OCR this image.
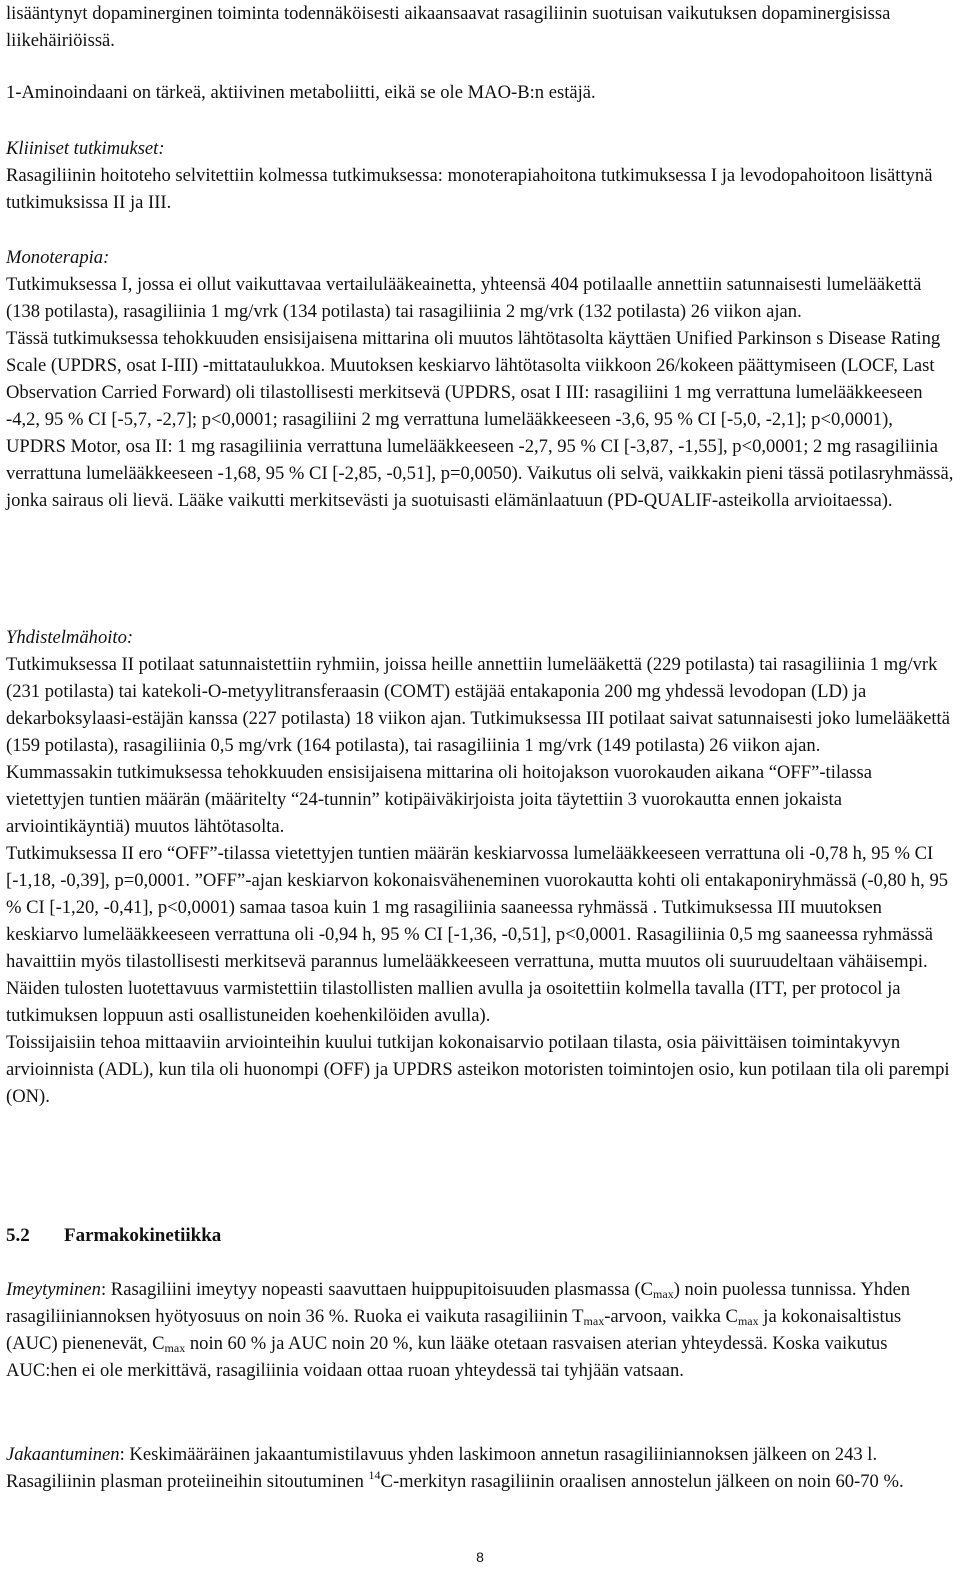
lisääntynyt dopaminerginen toiminta todennäköisesti aikaansaavat rasagiliinin suotuisan vaikutuksen dopaminergisissa liikehäiriöissä.

1-Aminoindaani on tärkeä, aktiivinen metaboliitti, eikä se ole MAO-B:n estäjä.

Kliiniset tutkimukset:

Rasagiliinin hoitoteho selvitettiin kolmessa tutkimuksessa: monoterapiahoitona tutkimuksessa I ja levodopahoitoon lisättynä tutkimuksissa II ja III.

Monoterapia:

Tutkimuksessa I, jossa ei ollut vaikuttavaa vertailulääkeainetta, yhteensä 404 potilaalle annettiin satunnaisesti lumelääkettä (138 potilasta), rasagiliinia 1 mg/vrk (134 potilasta) tai rasagiliinia 2 mg/vrk (132 potilasta) 26 viikon ajan.

Tässä tutkimuksessa tehokkuuden ensisijaisena mittarina oli muutos lähtötasolta käyttäen Unified Parkinson s Disease Rating Scale (UPDRS, osat I-III) -mittataulukkoa. Muutoksen keskiarvo lähtötasolta viikkoon 26/kokeen päättymiseen (LOCF, Last Observation Carried Forward) oli tilastollisesti merkitsevä (UPDRS, osat I III: rasagiliini 1 mg verrattuna lumelääkkeeseen -4,2, 95 % CI [-5,7, -2,7]; p<0,0001; rasagiliini 2 mg verrattuna lumelääkkeeseen -3,6, 95 % CI [-5,0, -2,1]; p<0,0001), UPDRS Motor, osa II: 1 mg rasagiliinia verrattuna lumelääkkeeseen -2,7, 95 % CI [-3,87, -1,55], p<0,0001; 2 mg rasagiliinia verrattuna lumelääkkeeseen -1,68, 95 % CI [-2,85, -0,51], p=0,0050). Vaikutus oli selvä, vaikkakin pieni tässä potilasryhmässä, jonka sairaus oli lievä. Lääke vaikutti merkitsevästi ja suotuisasti elämänlaatuun (PD-QUALIF-asteikolla arvioitaessa).

Yhdistelmähoito:

Tutkimuksessa II potilaat satunnaistettiin ryhmiin, joissa heille annettiin lumelääkettä (229 potilasta) tai rasagiliinia 1 mg/vrk (231 potilasta) tai katekoli-O-metyylitransferaasin (COMT) estäjää entakaponia 200 mg yhdessä levodopan (LD) ja dekarboksylaasi-estäjän kanssa (227 potilasta) 18 viikon ajan. Tutkimuksessa III potilaat saivat satunnaisesti joko lumelääkettä (159 potilasta), rasagiliinia 0,5 mg/vrk (164 potilasta), tai rasagiliinia 1 mg/vrk (149 potilasta) 26 viikon ajan.

Kummassakin tutkimuksessa tehokkuuden ensisijaisena mittarina oli hoitojakson vuorokauden aikana “OFF”-tilassa vietettyjen tuntien määrän (määritelty “24-tunnin” kotipäiväkirjoista joita täytettiin 3 vuorokautta ennen jokaista arviointikäyntiä) muutos lähtötasolta.

Tutkimuksessa II ero “OFF”-tilassa vietettyjen tuntien määrän keskiarvossa lumelääkkeeseen verrattuna oli -0,78 h, 95 % CI [-1,18, -0,39], p=0,0001. ”OFF”-ajan keskiarvon kokonaisväheneminen vuorokautta kohti oli entakaponiryhmässä (-0,80 h, 95 % CI [-1,20, -0,41], p<0,0001) samaa tasoa kuin 1 mg rasagiliinia saaneessa ryhmässä . Tutkimuksessa III muutoksen keskiarvo lumelääkkeeseen verrattuna oli -0,94 h, 95 % CI [-1,36, -0,51], p<0,0001. Rasagiliinia 0,5 mg saaneessa ryhmässä havaittiin myös tilastollisesti merkitsevä parannus lumelääkkeeseen verrattuna, mutta muutos oli suuruudeltaan vähäisempi. Näiden tulosten luotettavuus varmistettiin tilastollisten mallien avulla ja osoitettiin kolmella tavalla (ITT, per protocol ja tutkimuksen loppuun asti osallistuneiden koehenkilöiden avulla).

Toissijaisiin tehoa mittaaviin arviointeihin kuului tutkijan kokonaisarvio potilaan tilasta, osia päivittäisen toimintakyvyn arvioinnista (ADL), kun tila oli huonompi (OFF) ja UPDRS asteikon motoristen toimintojen osio, kun potilaan tila oli parempi (ON).

Imeytyminen: Rasagiliini imeytyy nopeasti saavuttaen huippupitoisuuden plasmassa $(C_{max})$ noin puolessa tunnissa. Yhden rasagiliiniannoksen hyötyosuus on noin 36 %. Ruoka ei vaikuta rasagiliinin $T_{max}$-arvoon, vaikka $C_{max}$ ja kokonaisaltistus (AUC) pienenevät, $C_{max}$ noin 60 % ja AUC noin 20 %, kun lääke otetaan rasvaisen aterian yhteydessä. Koska vaikutus AUC:hen ei ole merkittävä, rasagiliinia voidaan ottaa ruoan yhteydessä tai tyhjään vatsaan.

Jakaantuminen: Keskimääräinen jakaantumistilavuus yhden laskimoon annetun rasagiliiniannoksen jälkeen on 243 l. Rasagiliinin plasman proteiineihin sitoutuminen $^{14}$C-merkityn rasagiliinin oraalisen annostelun jälkeen on noin 60-70 %.

5.2 Farmakokinetiikka
8
